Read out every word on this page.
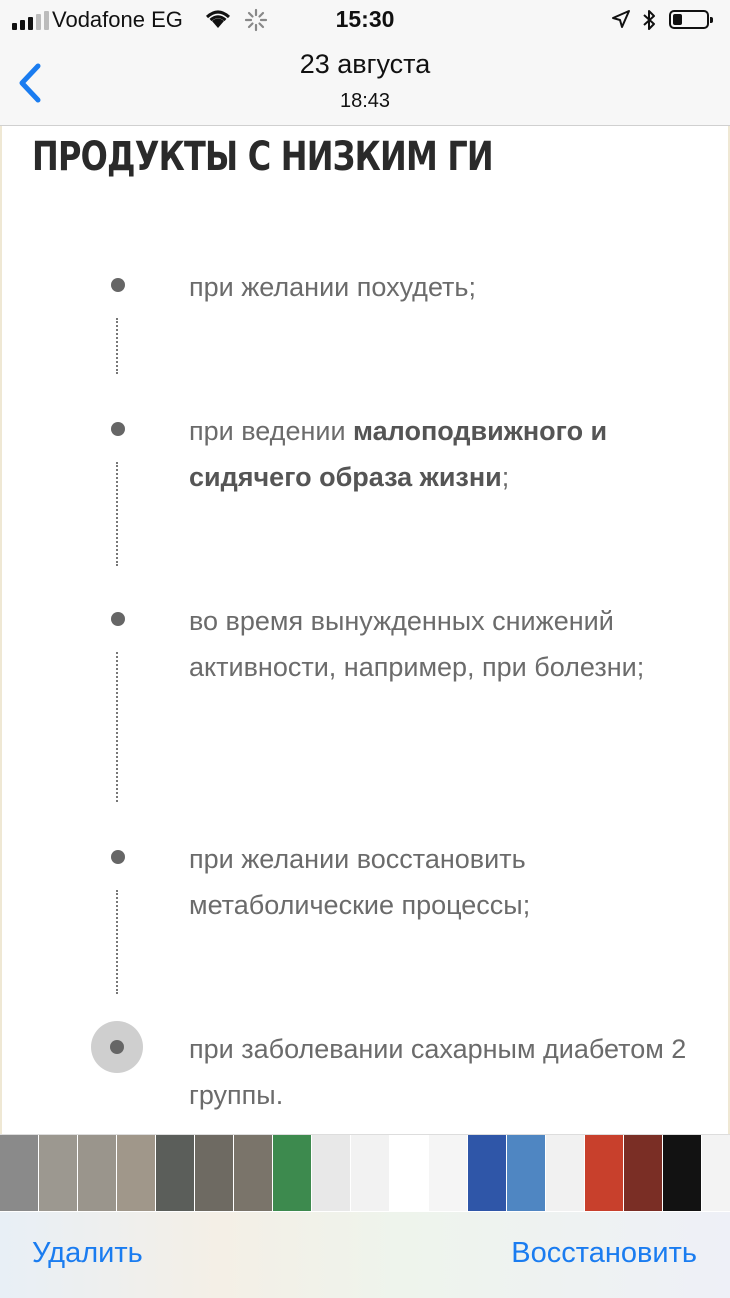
Vodafone EG	15:30
23 августа
18:43
ПРОДУКТЫ С НИЗКИМ ГИ
при желании похудеть;
при ведении малоподвижного и сидячего образа жизни;
во время вынужденных снижений активности, например, при болезни;
при желании восстановить метаболические процессы;
при заболевании сахарным диабетом 2 группы.
Удалить	Восстановить
